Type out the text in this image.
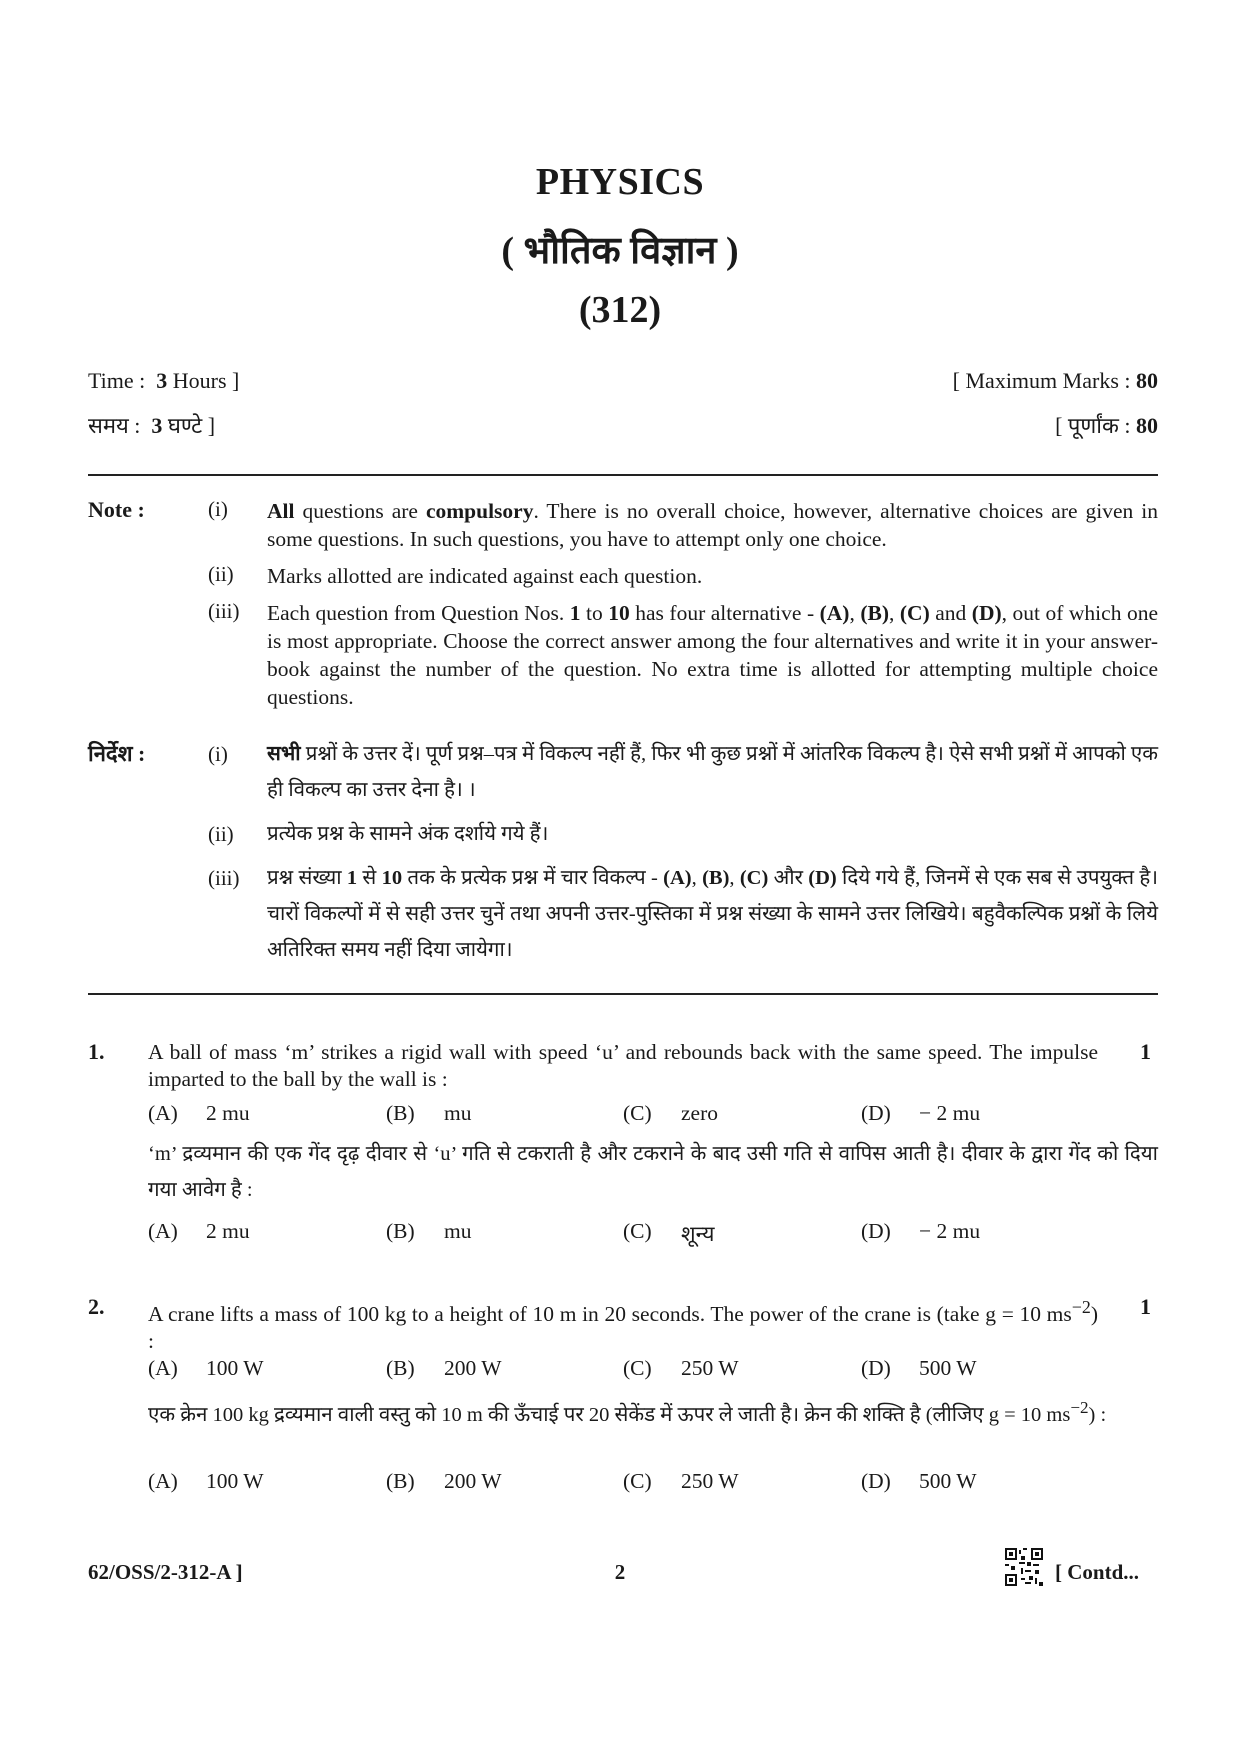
PHYSICS
( भौतिक विज्ञान )
(312)
Time : 3 Hours ]	[ Maximum Marks : 80
समय : 3 घण्टे ]	[ पूर्णांक : 80
Note :	(i) All questions are compulsory. There is no overall choice, however, alternative choices are given in some questions. In such questions, you have to attempt only one choice.
(ii) Marks allotted are indicated against each question.
(iii) Each question from Question Nos. 1 to 10 has four alternative - (A), (B), (C) and (D), out of which one is most appropriate. Choose the correct answer among the four alternatives and write it in your answer-book against the number of the question. No extra time is allotted for attempting multiple choice questions.
निर्देश :	(i) सभी प्रश्नों के उत्तर दें। पूर्ण प्रश्न–पत्र में विकल्प नहीं हैं, फिर भी कुछ प्रश्नों में आंतरिक विकल्प है। ऐसे सभी प्रश्नों में आपको एक ही विकल्प का उत्तर देना है। ।
(ii) प्रत्येक प्रश्न के सामने अंक दर्शाये गये हैं।
(iii) प्रश्न संख्या 1 से 10 तक के प्रत्येक प्रश्न में चार विकल्प - (A), (B), (C) और (D) दिये गये हैं, जिनमें से एक सब से उपयुक्त है। चारों विकल्पों में से सही उत्तर चुनें तथा अपनी उत्तर-पुस्तिका में प्रश्न संख्या के सामने उत्तर लिखिये। बहुवैकल्पिक प्रश्नों के लिये अतिरिक्त समय नहीं दिया जायेगा।
1. A ball of mass ‘m’ strikes a rigid wall with speed ‘u’ and rebounds back with the same speed. The impulse imparted to the ball by the wall is :
1
(A)	2 mu	(B)	mu	(C)	zero	(D)	− 2 mu
‘m’ द्रव्यमान की एक गेंद दृढ़ दीवार से ‘u’ गति से टकराती है और टकराने के बाद उसी गति से वापिस आती है। दीवार के द्वारा गेंद को दिया गया आवेग है :
(A)	2 mu	(B)	mu	(C)	शून्य	(D)	− 2 mu
2. A crane lifts a mass of 100 kg to a height of 10 m in 20 seconds. The power of the crane is (take g = 10 $ms^{-2}$) :
1
(A)	100 W	(B)	200 W	(C)	250 W	(D)	500 W
एक क्रेन 100 kg द्रव्यमान वाली वस्तु को 10 m की ऊँचाई पर 20 सेकेंड में ऊपर ले जाती है। क्रेन की शक्ति है (लीजिए g = 10 $ms^{-2}$) :
(A)	100 W	(B)	200 W	(C)	250 W	(D)	500 W
62/OSS/2-312-A ]	2	[ Contd...
